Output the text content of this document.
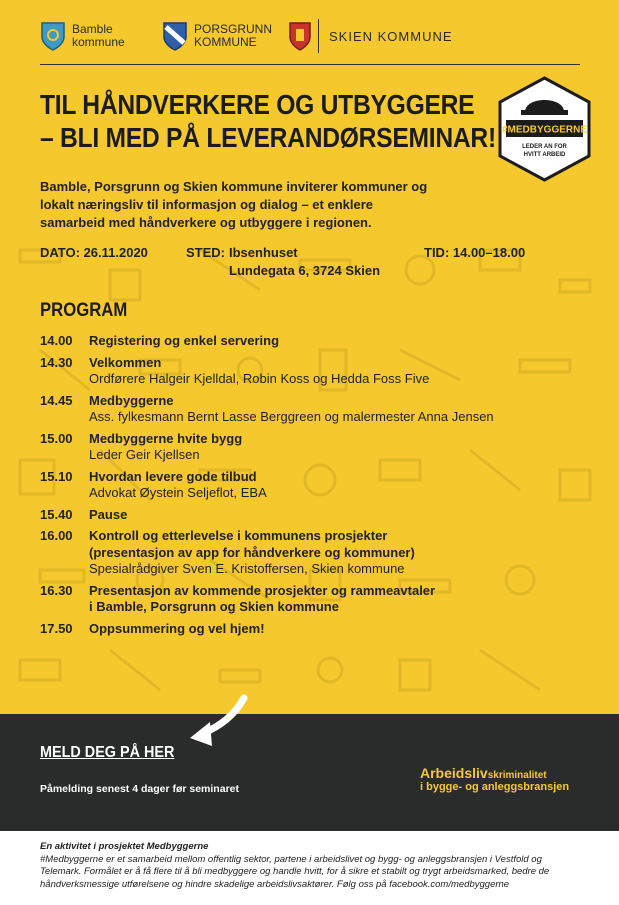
Bamble
kommune
PORSGRUNN
KOMMUNE	SKIEN KOMMUNE
TIL HÅNDVERKERE OG UTBYGGERE
– BLI MED PÅ LEVERANDØRSEMINAR! #MEDBYGGERNE
LEDER AN FOR
HVITT ARBEID
Bamble, Porsgrunn og Skien kommune inviterer kommuner og lokalt næringsliv til informasjon og dialog – et enklere samarbeid med håndverkere og utbyggere i regionen.
DATO: 26.11.2020	STED: Ibsenhuset
Lundegata 6, 3724 Skien
TID: 14.00–18.00
PROGRAM
14.00	Registering og enkel servering
14.30	Velkommen
Ordførere Halgeir Kjelldal, Robin Koss og Hedda Foss Five
14.45	Medbyggerne
Ass. fylkesmann Bernt Lasse Berggreen og malermester Anna Jensen
15.00	Medbyggerne hvite bygg
Leder Geir Kjellsen
15.10	Hvordan levere gode tilbud
Advokat Øystein Seljeflot, EBA
15.40	Pause
16.00	Kontroll og etterlevelse i kommunens prosjekter
(presentasjon av app for håndverkere og kommuner)
Spesialrådgiver Sven E. Kristoffersen, Skien kommune
16.30	Presentasjon av kommende prosjekter og rammeavtaler
i Bamble, Porsgrunn og Skien kommune
17.50	Oppsummering og vel hjem!
MELD DEG PÅ HER
Påmelding senest 4 dager før seminaret
Arbeidslivskriminalitet
i bygge- og anleggsbransjen
En aktivitet i prosjektet Medbyggerne
#Medbyggerne er et samarbeid mellom offentlig sektor, partene i arbeidslivet og bygg- og anleggsbransjen i Vestfold og Telemark. Formålet er å få flere til å bli medbyggere og handle hvitt, for å sikre et stabilt og trygt arbeidsmarked, bedre de håndverksmessige utførelsene og hindre skadelige arbeidslivsaktører. Følg oss på facebook.com/medbyggerne
